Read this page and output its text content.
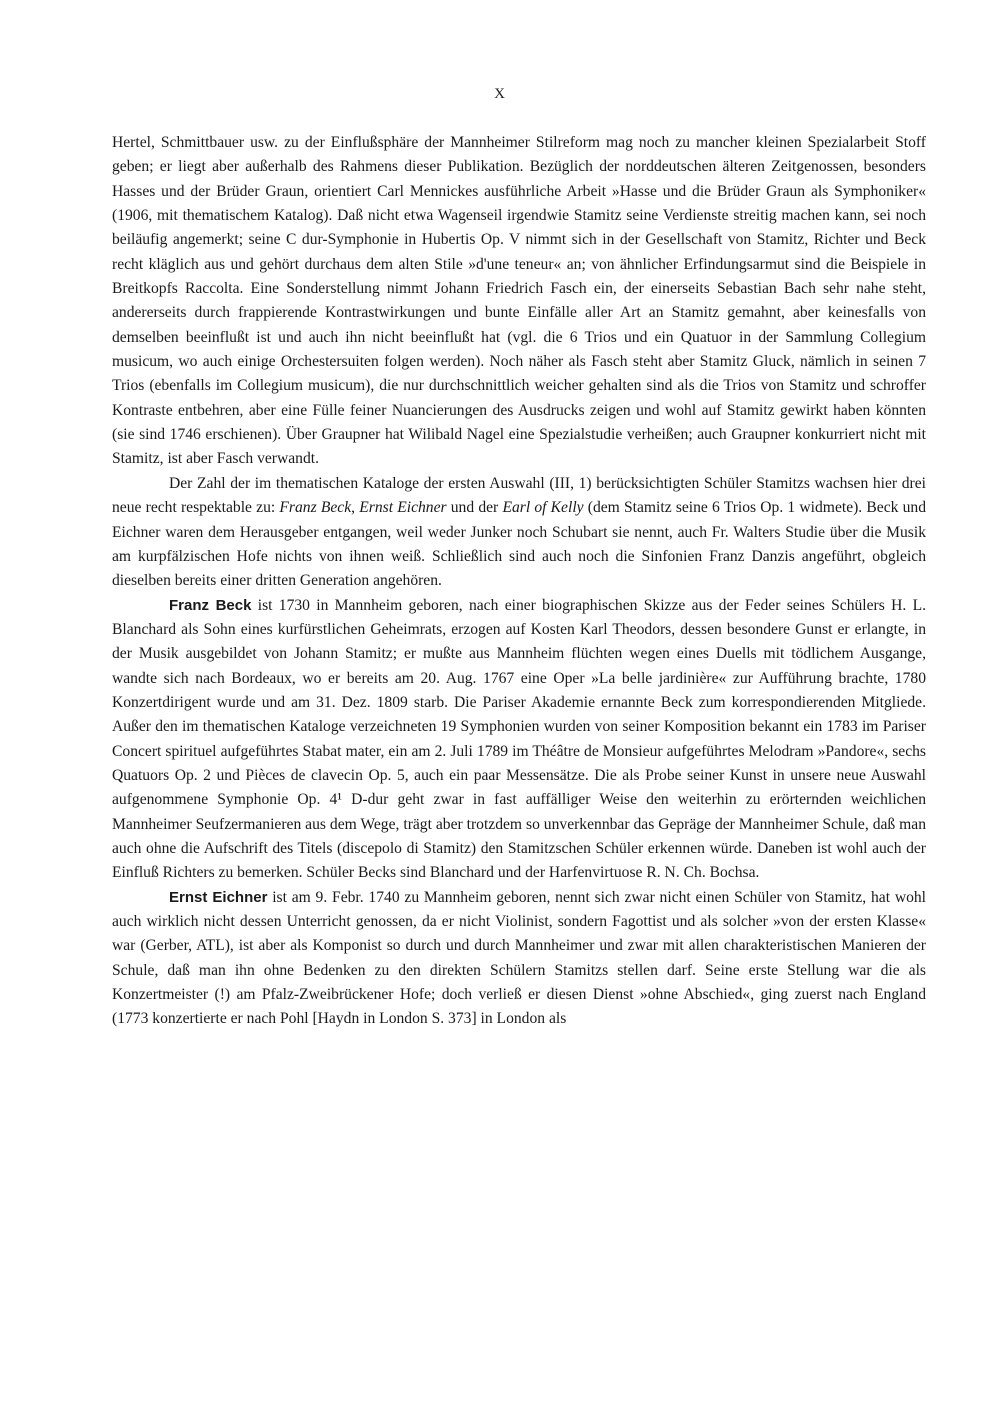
X

Hertel, Schmittbauer usw. zu der Einflußsphäre der Mannheimer Stilreform mag noch zu mancher kleinen Spezialarbeit Stoff geben; er liegt aber außerhalb des Rahmens dieser Publikation. Bezüglich der norddeutschen älteren Zeitgenossen, besonders Hasses und der Brüder Graun, orientiert Carl Mennickes ausführliche Arbeit »Hasse und die Brüder Graun als Symphoniker« (1906, mit thematischem Katalog). Daß nicht etwa Wagenseil irgendwie Stamitz seine Verdienste streitig machen kann, sei noch beiläufig angemerkt; seine C dur-Symphonie in Hubertis Op. V nimmt sich in der Gesellschaft von Stamitz, Richter und Beck recht kläglich aus und gehört durchaus dem alten Stile »d'une teneur« an; von ähnlicher Erfindungsarmut sind die Beispiele in Breitkopfs Raccolta. Eine Sonderstellung nimmt Johann Friedrich Fasch ein, der einerseits Sebastian Bach sehr nahe steht, andererseits durch frappierende Kontrastwirkungen und bunte Einfälle aller Art an Stamitz gemahnt, aber keinesfalls von demselben beeinflußt ist und auch ihn nicht beeinflußt hat (vgl. die 6 Trios und ein Quatuor in der Sammlung Collegium musicum, wo auch einige Orchestersuiten folgen werden). Noch näher als Fasch steht aber Stamitz Gluck, nämlich in seinen 7 Trios (ebenfalls im Collegium musicum), die nur durchschnittlich weicher gehalten sind als die Trios von Stamitz und schroffer Kontraste entbehren, aber eine Fülle feiner Nuancierungen des Ausdrucks zeigen und wohl auf Stamitz gewirkt haben könnten (sie sind 1746 erschienen). Über Graupner hat Wilibald Nagel eine Spezialstudie verheißen; auch Graupner konkurriert nicht mit Stamitz, ist aber Fasch verwandt.

Der Zahl der im thematischen Kataloge der ersten Auswahl (III, 1) berücksichtigten Schüler Stamitzs wachsen hier drei neue recht respektable zu: Franz Beck, Ernst Eichner und der Earl of Kelly (dem Stamitz seine 6 Trios Op. 1 widmete). Beck und Eichner waren dem Herausgeber entgangen, weil weder Junker noch Schubart sie nennt, auch Fr. Walters Studie über die Musik am kurpfälzischen Hofe nichts von ihnen weiß. Schließlich sind auch noch die Sinfonien Franz Danzis angeführt, obgleich dieselben bereits einer dritten Generation angehören.

Franz Beck ist 1730 in Mannheim geboren, nach einer biographischen Skizze aus der Feder seines Schülers H. L. Blanchard als Sohn eines kurfürstlichen Geheimrats, erzogen auf Kosten Karl Theodors, dessen besondere Gunst er erlangte, in der Musik ausgebildet von Johann Stamitz; er mußte aus Mannheim flüchten wegen eines Duells mit tödlichem Ausgange, wandte sich nach Bordeaux, wo er bereits am 20. Aug. 1767 eine Oper »La belle jardinière« zur Aufführung brachte, 1780 Konzertdirigent wurde und am 31. Dez. 1809 starb. Die Pariser Akademie ernannte Beck zum korrespondierenden Mitgliede. Außer den im thematischen Kataloge verzeichneten 19 Symphonien wurden von seiner Komposition bekannt ein 1783 im Pariser Concert spirituel aufgeführtes Stabat mater, ein am 2. Juli 1789 im Théâtre de Monsieur aufgeführtes Melodram »Pandore«, sechs Quatuors Op. 2 und Pièces de clavecin Op. 5, auch ein paar Messensätze. Die als Probe seiner Kunst in unsere neue Auswahl aufgenommene Symphonie Op. 4¹ D-dur geht zwar in fast auffälliger Weise den weiterhin zu erörternden weichlichen Mannheimer Seufzermanieren aus dem Wege, trägt aber trotzdem so unverkennbar das Gepräge der Mannheimer Schule, daß man auch ohne die Aufschrift des Titels (discepolo di Stamitz) den Stamitzschen Schüler erkennen würde. Daneben ist wohl auch der Einfluß Richters zu bemerken. Schüler Becks sind Blanchard und der Harfenvirtuose R. N. Ch. Bochsa.

Ernst Eichner ist am 9. Febr. 1740 zu Mannheim geboren, nennt sich zwar nicht einen Schüler von Stamitz, hat wohl auch wirklich nicht dessen Unterricht genossen, da er nicht Violinist, sondern Fagottist und als solcher »von der ersten Klasse« war (Gerber, ATL), ist aber als Komponist so durch und durch Mannheimer und zwar mit allen charakteristischen Manieren der Schule, daß man ihn ohne Bedenken zu den direkten Schülern Stamitzs stellen darf. Seine erste Stellung war die als Konzertmeister (!) am Pfalz-Zweibrückener Hofe; doch verließ er diesen Dienst »ohne Abschied«, ging zuerst nach England (1773 konzertierte er nach Pohl [Haydn in London S. 373] in London als
